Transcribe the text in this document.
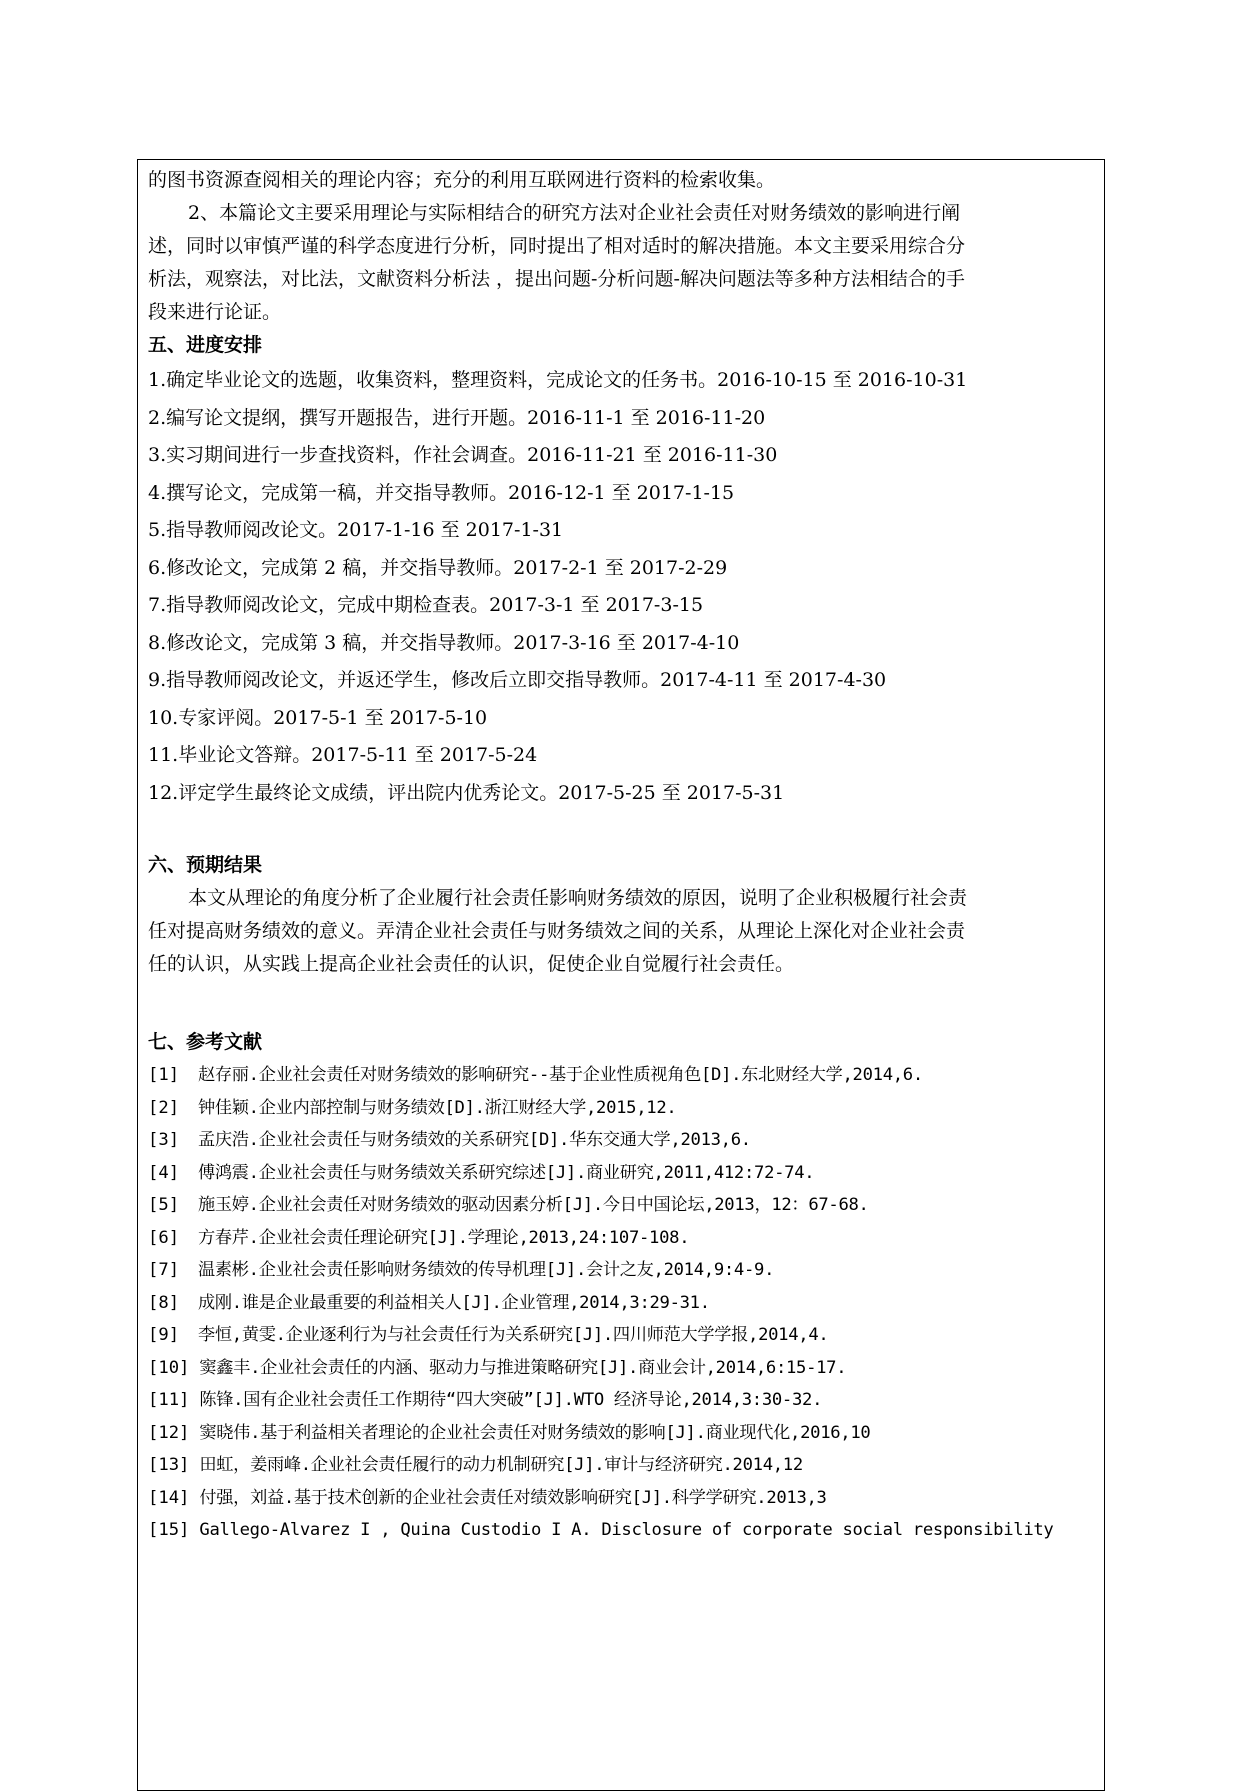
的图书资源查阅相关的理论内容；充分的利用互联网进行资料的检索收集。
2、本篇论文主要采用理论与实际相结合的研究方法对企业社会责任对财务绩效的影响进行阐
述，同时以审慎严谨的科学态度进行分析，同时提出了相对适时的解决措施。本文主要采用综合分
析法，观察法，对比法，文献资料分析法 ，提出问题-分析问题-解决问题法等多种方法相结合的手
段来进行论证。
五、进度安排
1.确定毕业论文的选题，收集资料，整理资料，完成论文的任务书。2016-10-15 至 2016-10-31
2.编写论文提纲，撰写开题报告，进行开题。2016-11-1 至 2016-11-20
3.实习期间进行一步查找资料，作社会调查。2016-11-21 至 2016-11-30
4.撰写论文，完成第一稿，并交指导教师。2016-12-1 至 2017-1-15
5.指导教师阅改论文。2017-1-16 至 2017-1-31
6.修改论文，完成第 2 稿，并交指导教师。2017-2-1 至 2017-2-29
7.指导教师阅改论文，完成中期检查表。2017-3-1 至 2017-3-15
8.修改论文，完成第 3 稿，并交指导教师。2017-3-16 至 2017-4-10
9.指导教师阅改论文，并返还学生，修改后立即交指导教师。2017-4-11 至 2017-4-30
10.专家评阅。2017-5-1 至 2017-5-10
11.毕业论文答辩。2017-5-11 至 2017-5-24
12.评定学生最终论文成绩，评出院内优秀论文。2017-5-25 至 2017-5-31
六、预期结果
本文从理论的角度分析了企业履行社会责任影响财务绩效的原因，说明了企业积极履行社会责
任对提高财务绩效的意义。弄清企业社会责任与财务绩效之间的关系，从理论上深化对企业社会责
任的认识，从实践上提高企业社会责任的认识，促使企业自觉履行社会责任。
七、参考文献
[1]	赵存丽.企业社会责任对财务绩效的影响研究--基于企业性质视角色[D].东北财经大学,2014,6.
[2]	钟佳颖.企业内部控制与财务绩效[D].浙江财经大学,2015,12.
[3]	孟庆浩.企业社会责任与财务绩效的关系研究[D].华东交通大学,2013,6.
[4]	傅鸿震.企业社会责任与财务绩效关系研究综述[J].商业研究,2011,412:72-74.
[5]	施玉婷.企业社会责任对财务绩效的驱动因素分析[J].今日中国论坛,2013，12：67-68.
[6]	方春芹.企业社会责任理论研究[J].学理论,2013,24:107-108.
[7]	温素彬.企业社会责任影响财务绩效的传导机理[J].会计之友,2014,9:4-9.
[8]	成刚.谁是企业最重要的利益相关人[J].企业管理,2014,3:29-31.
[9]	李恒,黄雯.企业逐利行为与社会责任行为关系研究[J].四川师范大学学报,2014,4.
[10] 窦鑫丰.企业社会责任的内涵、驱动力与推进策略研究[J].商业会计,2014,6:15-17.
[11] 陈锋.国有企业社会责任工作期待“四大突破”[J].WTO 经济导论,2014,3:30-32.
[12] 窦晓伟.基于利益相关者理论的企业社会责任对财务绩效的影响[J].商业现代化,2016,10
[13] 田虹，姜雨峰.企业社会责任履行的动力机制研究[J].审计与经济研究.2014,12
[14] 付强，刘益.基于技术创新的企业社会责任对绩效影响研究[J].科学学研究.2013,3
[15] Gallego-Alvarez I , Quina Custodio I A. Disclosure of corporate social responsibility
